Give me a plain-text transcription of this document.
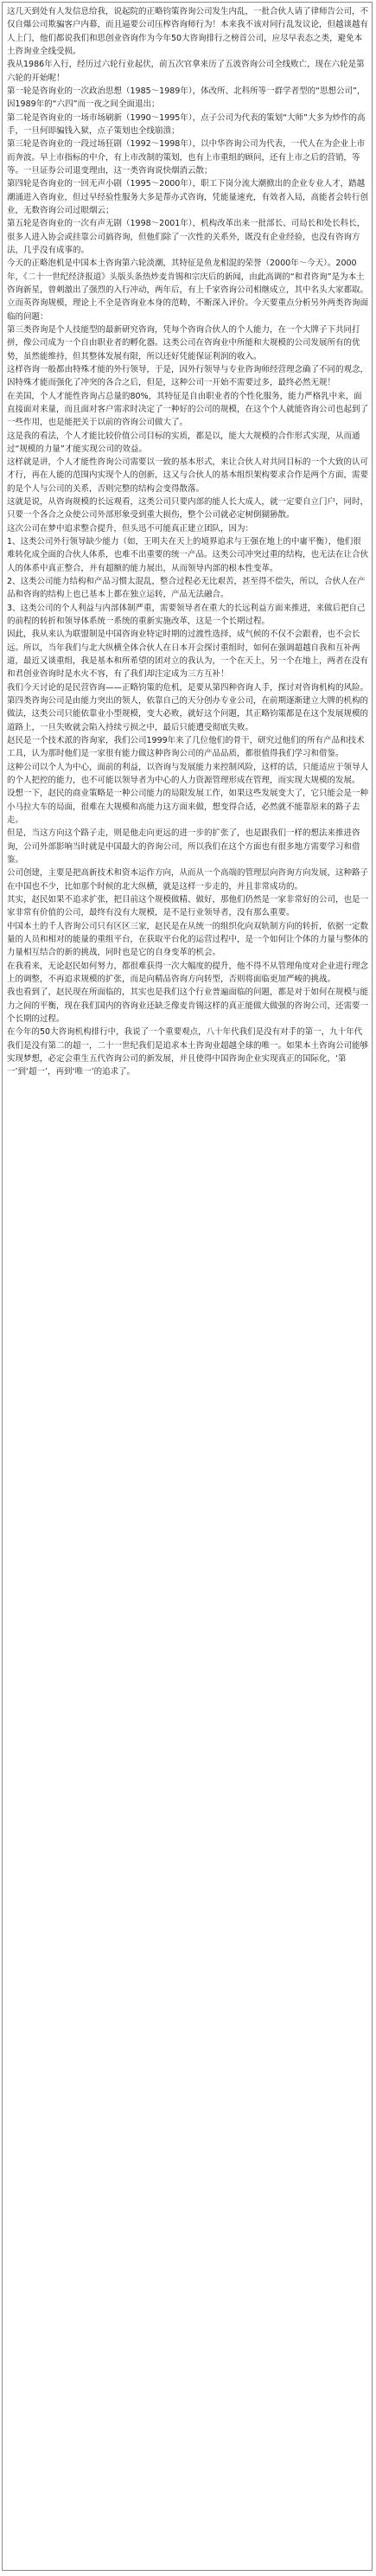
这几天到处有人发信息给我，说起院的正略钧策咨询公司发生内乱，一批合伙人请了律师告公司，不仅自爆公司欺骗客户内幕，而且逼要公司压榨咨询师行为！本来我不该对同行乱发议论，但越谈越有人上门，他们都说我们和思创业咨询作为今年50大咨询排行之榜首公司，应尽早表态之类，避免本土咨询业全线受损。

我从1986年入行，经历过六轮行业起伏，前五次官拿来历了五波咨询公司全线败亡，现在六轮是第六轮的开始呢！

第一轮是咨询业的一次政治思想（1985～1989年），体改所、北科所等一群学者型的“思想公司”，因1989年的“六四”而一夜之间全面退出；

第二轮是咨询业的一场市场刷新（1990～1995年），点子公司为代表的策划“大师”大多为炒作的高手，一旦何即骗钱入狱，点子策划也全线崩溃；

第三轮是咨询业的一段过场狂剧（1992～1998年），以中华咨询公司为代表，一代人在为企业上市而奔波。早上市指标的中介，有上市改制的策划，也有上市重组的顾问，还有上市之后的营销，等等。一旦证券公司退变理由，这一类咨询说快烟消云散；

第四轮是咨询业的一回无声小剧（1995～2000年），职工下岗分流大潮掀出的企业专业人才，踏越潮涌进入咨询业，但过早经验性服务大多是帮办式咨询，凭能量速充，有效者入局，高能者会转行创业，无数咨询公司过眼烟云；

第五轮是咨询业的一次有声无剧（1998～2001年），机构改革出来一批部长、司局长和处长科长，很多人进入协会或挂靠公司搞咨询，但他们除了一次性的关系外，既没有企业经验，也没有咨询方法，几乎没有成事的。

今天的正略泡机是中国本土咨询第六轮淡潮，其特征是鱼龙相混的荣誉（2000年～今天）。2000年，《二十一世纪经济报道》头版头条热炒麦肯锡和宗庆后的新闻，由此高调的“和君咨询”是为本土咨询新星，曾刺激出了强烈的入行冲动，两年后，有上千家咨询公司相继成立，其中名头大家都取。

立而英咨询规模，理论上不全是咨询业本身的范畴，不断深入评价。今天要重点分析另外两类咨询面临的问题：

第三类咨询是个人技能型的最新研究咨询，凭每个咨询合伙人的个人能力，在一个大牌子下共同打拼，像公司成为一个自由职业者的孵化器。这类公司在咨询业中所能和大规模的公司发展所有的优势，虽然能维持，但其整体发展有限，所以还好凭能保证利润的收入。

这样咨询一般都由特殊才能的外行领导，于是，因外行领导与专业咨询师经营理念确了不同的观念，因特殊才能而强化了冲突的各合之后，但是，这种公司一开始不需要过多，最终必然无规！

在美国，个人才能性咨询占总量的80%，其特征是自由职业者的个性化服务，能力严格乳中来，面直接面对来量，而且面对客户需求时决定了一种好的公司的规模，在这个个人就能咨询公司也起到了一些作用，也是能把关于以前的咨询公司做大了。

这是我的看法，个人才能比较价值公司目标的实质，都是以，能大大规模的合作形式实现，从而通过“规模的力量”才能实现公司的效益。

这样就是讲，个人才能性咨询公司需要以一致的基本形式，来让合伙人对共同目标的一个大致的认可才行，再在人能的范围内实现个人的创新，这又与合伙人的基本组织架构要求合作是两个方面，需要的是个人与公司的关系，否则完整的结构会变得散落。

这就是说，从咨询规模的长远观看，这类公司只要内部的能人长大成人，就一定要自立门户，同时，只要一个各合之众使公司外部形象受到重大损伤，整个公司就必定树倒猢狲散。

这次公司在梦中追求整合提升，但头迅不可能真正建立团队，因为：

1、这类公司外行领导缺少能力（如，王明夫在天上的境界追求与王强在地上的中庸平衡），他们很难转化成全面的合伙人体系，也难不出重要的统一产品。这类公司冲突过重的结构，也无法在让合伙人的体系中真正整合，并有超额的能力展出，从而领导内部的根本性变革。

2、这类公司能力结构和产品习惯太混乱，整合过程必无比艰苦，甚至得不偿失，所以，合伙人在产品和咨询的结构上也已基本上都在独立运转，产品无法融合。

3、这类公司的个人利益与内部体制严重，需要领导者在重大的长远利益方面来推进，来做后把自己的前程的转折和领导体系统一系统的重新实施改革，这是一个长期过程。

因此，我从来认为联盟制是中国咨询业特定时期的过渡性选择，成气候的不仅不会跟着，也不会长远。所以，当年我们与北大纵横全体合伙人在日本开会探讨重组时，如何在强调超越自我和互补两道，最近又谈重组，我是基本和所希望的团对立的我认为，一个在天上，另一个在地上，两者在没有和君创业咨询时是水火不容，有了我们却注定成为三方互补！

我们今天讨论的是民营咨询——正略钧策的危机，是要从第四种咨询人手，探讨对咨询机构的风险。

第四类咨询公司是由能力突出的领人，依靠自己的天分创办专业公司，在前期逐渐建立大牌的机构的做法，这类公司只能依靠业小型规模，变大必败，就好这个问题，其正略钧策都是在这个发展规模的道路上，一旦失败就会陷入持续亏损之中，最后只能遭受彻底失败。

赵民是一个技术派的咨询家，我们公司1999年来了几位他们的骨干，研究过他们的所有产品和技术工具，认为那时他们是一家很有能力做这种咨询公司的产品品质，都很值得我们学习和借鉴。

这种公司以个人为中心，面前的利益，以咨询与发展能力来控制风险，这样的话，只能适应于领导人的个人把控的能力，也不可能以领导者为中心的人力资源管理形成在管理，而实现大规模的发展。

设想一下，赵民的商业策略是一种公司能力的局限发展工作，如果这些发展变大了，它只能会是一种小马拉大车的局面，很难在大规模和高能力这方面来做，想变得合适，必然就不能靠原来的路子去走。

但是，当这方向这个路子走，则是他走向更远的进一步的扩张了，也是跟我们一样的想法来推进咨询，公司外部影响当时就是中国最大的咨询公司，所以我们在这个方面也有很多地方需要学习和借鉴。

公司创建，主要是把高新技术和资本运作方向，从而从一个高端的管理层向咨询方向发展，这种路子在中国也不少，比如那个时候的北大纵横，就是这样一步走的，并且非常成功的。

其实，赵民如果不追求扩张，把目前这个规模做精、做好，那他们仍然是一家非常好的公司，也是一家非常有价值的公司，最终有没有大规模，是不是行业领导者，没有那么重要。

中国本土的千人咨询公司只有区区三家，赵民是在从统一的组织化向双轨制方向的转折，依据一定数量的人员和相对的能量的重组平台，在获取平台化的运营过程中，是一个如何让个体的力量与整体的力量相互结合的新的挑战，同时也是它的自身变革的机会。

在我看来，无论赵民如何努力，都很难获得一次大幅度的提升，他不得不从管理角度对企业进行理念上的调整，不再追求规模的扩张，而是向精品咨询方向转型，否则将面临更加严峻的挑战。

我也看到了，赵民现在所面临的，其实也是我们这个行业普遍面临的问题，都是对于如何在规模与能力之间的平衡，现在我们国内的咨询业还缺乏像麦肯锡这样的真正能做大做强的咨询公司，还需要一个长期的过程。

在今年的50大咨询机构排行中，我说了一个重要观点，八十年代我们是没有对手的第一，九十年代我们是没有第二的超一，二十一世纪我们是追求本土咨询业超越全球的唯一。如果本土咨询公司能够实现梦想，必定会重生五代咨询公司的新发展，并且使得中国咨询企业实现真正的国际化，‘第一’到‘超一’，再到‘唯一’的追求了。
